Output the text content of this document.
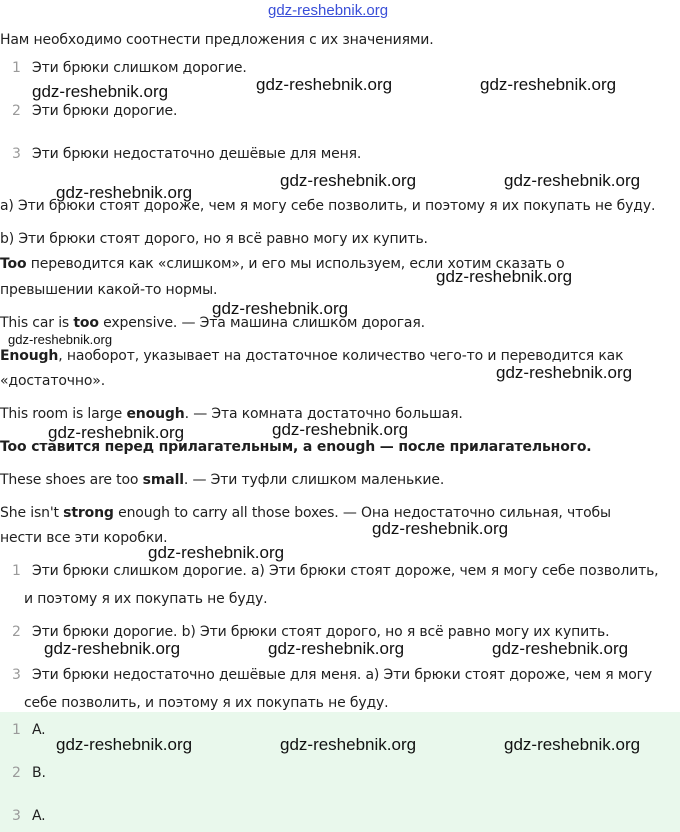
gdz-reshebnik.org
Нам необходимо соотнести предложения с их значениями.
1 Эти брюки слишком дорогие.
2 Эти брюки дорогие.
3 Эти брюки недостаточно дешёвые для меня.
a) Эти брюки стоят дороже, чем я могу себе позволить, и поэтому я их покупать не буду.
b) Эти брюки стоят дорого, но я всё равно могу их купить.
Too переводится как «слишком», и его мы используем, если хотим сказать о
превышении какой-то нормы.
This car is too expensive. — Эта машина слишком дорогая.
Enough, наоборот, указывает на достаточное количество чего-то и переводится как
«достаточно».
This room is large enough. — Эта комната достаточно большая.
Too ставится перед прилагательным, а enough — после прилагательного.
These shoes are too small. — Эти туфли слишком маленькие.
She isn't strong enough to carry all those boxes. — Она недостаточно сильная, чтобы
нести все эти коробки.
1 Эти брюки слишком дорогие. a) Эти брюки стоят дороже, чем я могу себе позволить,
и поэтому я их покупать не буду.
2 Эти брюки дорогие. b) Эти брюки стоят дорого, но я всё равно могу их купить.
3 Эти брюки недостаточно дешёвые для меня. a) Эти брюки стоят дороже, чем я могу
себе позволить, и поэтому я их покупать не буду.
1 A.
2 B.
3 A.
gdz-reshebnik.org	gdz-reshebnik.org	gdz-reshebnik.org
gdz-reshebnik.org
gdz-reshebnik.org	gdz-reshebnik.org
gdz-reshebnik.org
gdz-reshebnik.org
gdz-reshebnik.org
gdz-reshebnik.org
gdz-reshebnik.org	gdz-reshebnik.org
gdz-reshebnik.org
gdz-reshebnik.org
gdz-reshebnik.org	gdz-reshebnik.org	gdz-reshebnik.org
gdz-reshebnik.org	gdz-reshebnik.org	gdz-reshebnik.org
